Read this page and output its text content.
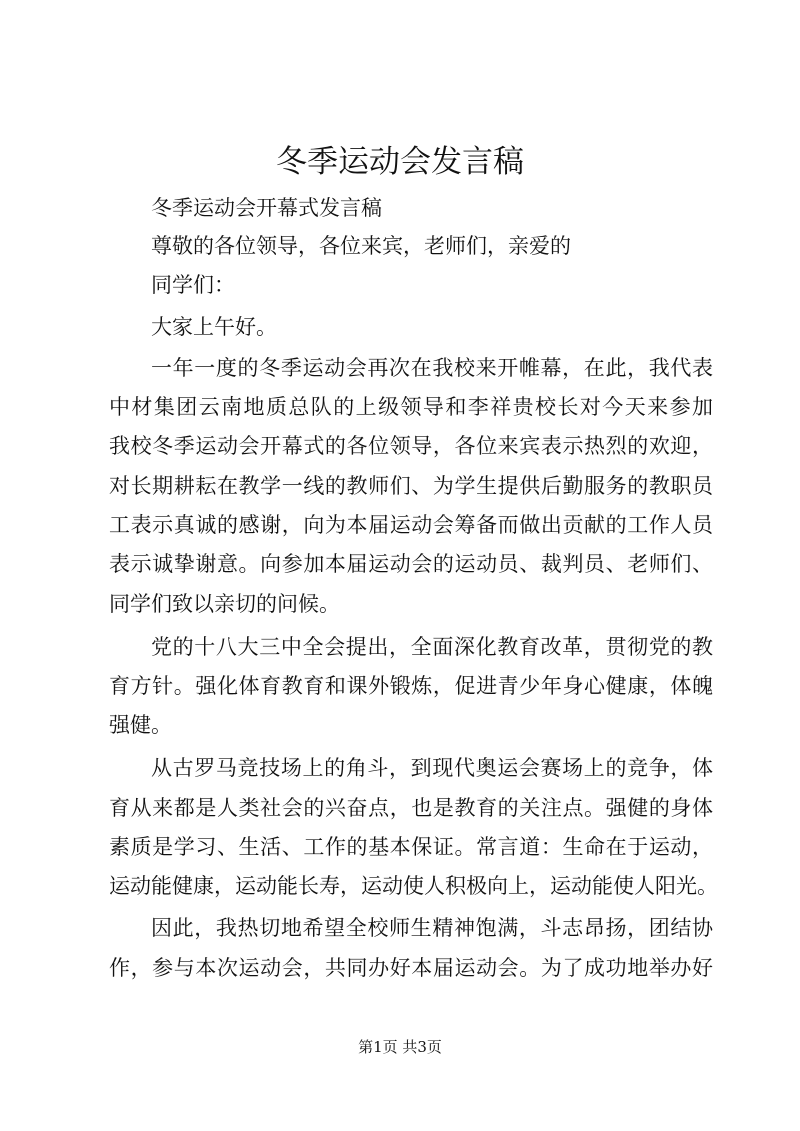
冬季运动会发言稿

冬季运动会开幕式发言稿

尊敬的各位领导，各位来宾，老师们，亲爱的

同学们：

大家上午好。

一年一度的冬季运动会再次在我校来开帷幕，在此，我代表

中材集团云南地质总队的上级领导和李祥贵校长对今天来参加

我校冬季运动会开幕式的各位领导，各位来宾表示热烈的欢迎，

对长期耕耘在教学一线的教师们、为学生提供后勤服务的教职员

工表示真诚的感谢，向为本届运动会筹备而做出贡献的工作人员

表示诚挚谢意。向参加本届运动会的运动员、裁判员、老师们、

同学们致以亲切的问候。

党的十八大三中全会提出，全面深化教育改革，贯彻党的教

育方针。强化体育教育和课外锻炼，促进青少年身心健康，体魄

强健。

从古罗马竞技场上的角斗，到现代奥运会赛场上的竞争，体

育从来都是人类社会的兴奋点，也是教育的关注点。强健的身体

素质是学习、生活、工作的基本保证。常言道：生命在于运动，

运动能健康，运动能长寿，运动使人积极向上，运动能使人阳光。

因此，我热切地希望全校师生精神饱满，斗志昂扬，团结协

作，参与本次运动会，共同办好本届运动会。为了成功地举办好

第1页 共3页
